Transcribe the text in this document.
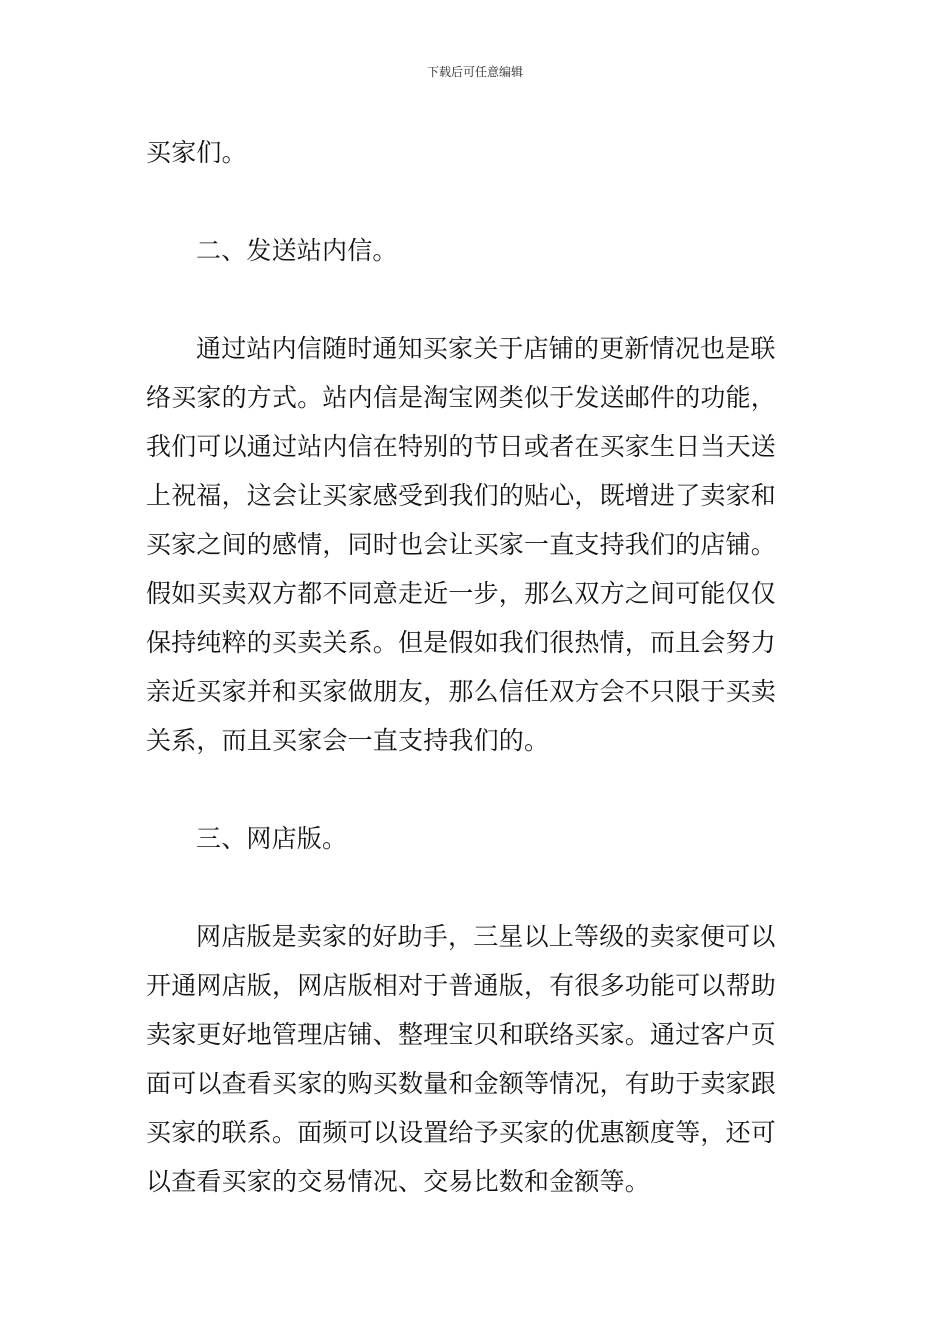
下载后可任意编辑
买家们。
二、发送站内信。
通过站内信随时通知买家关于店铺的更新情况也是联
络买家的方式。站内信是淘宝网类似于发送邮件的功能，
我们可以通过站内信在特别的节日或者在买家生日当天送
上祝福，这会让买家感受到我们的贴心，既增进了卖家和
买家之间的感情，同时也会让买家一直支持我们的店铺。
假如买卖双方都不同意走近一步，那么双方之间可能仅仅
保持纯粹的买卖关系。但是假如我们很热情，而且会努力
亲近买家并和买家做朋友，那么信任双方会不只限于买卖
关系，而且买家会一直支持我们的。
三、网店版。
网店版是卖家的好助手，三星以上等级的卖家便可以
开通网店版，网店版相对于普通版，有很多功能可以帮助
卖家更好地管理店铺、整理宝贝和联络买家。通过客户页
面可以查看买家的购买数量和金额等情况，有助于卖家跟
买家的联系。面频可以设置给予买家的优惠额度等，还可
以查看买家的交易情况、交易比数和金额等。
